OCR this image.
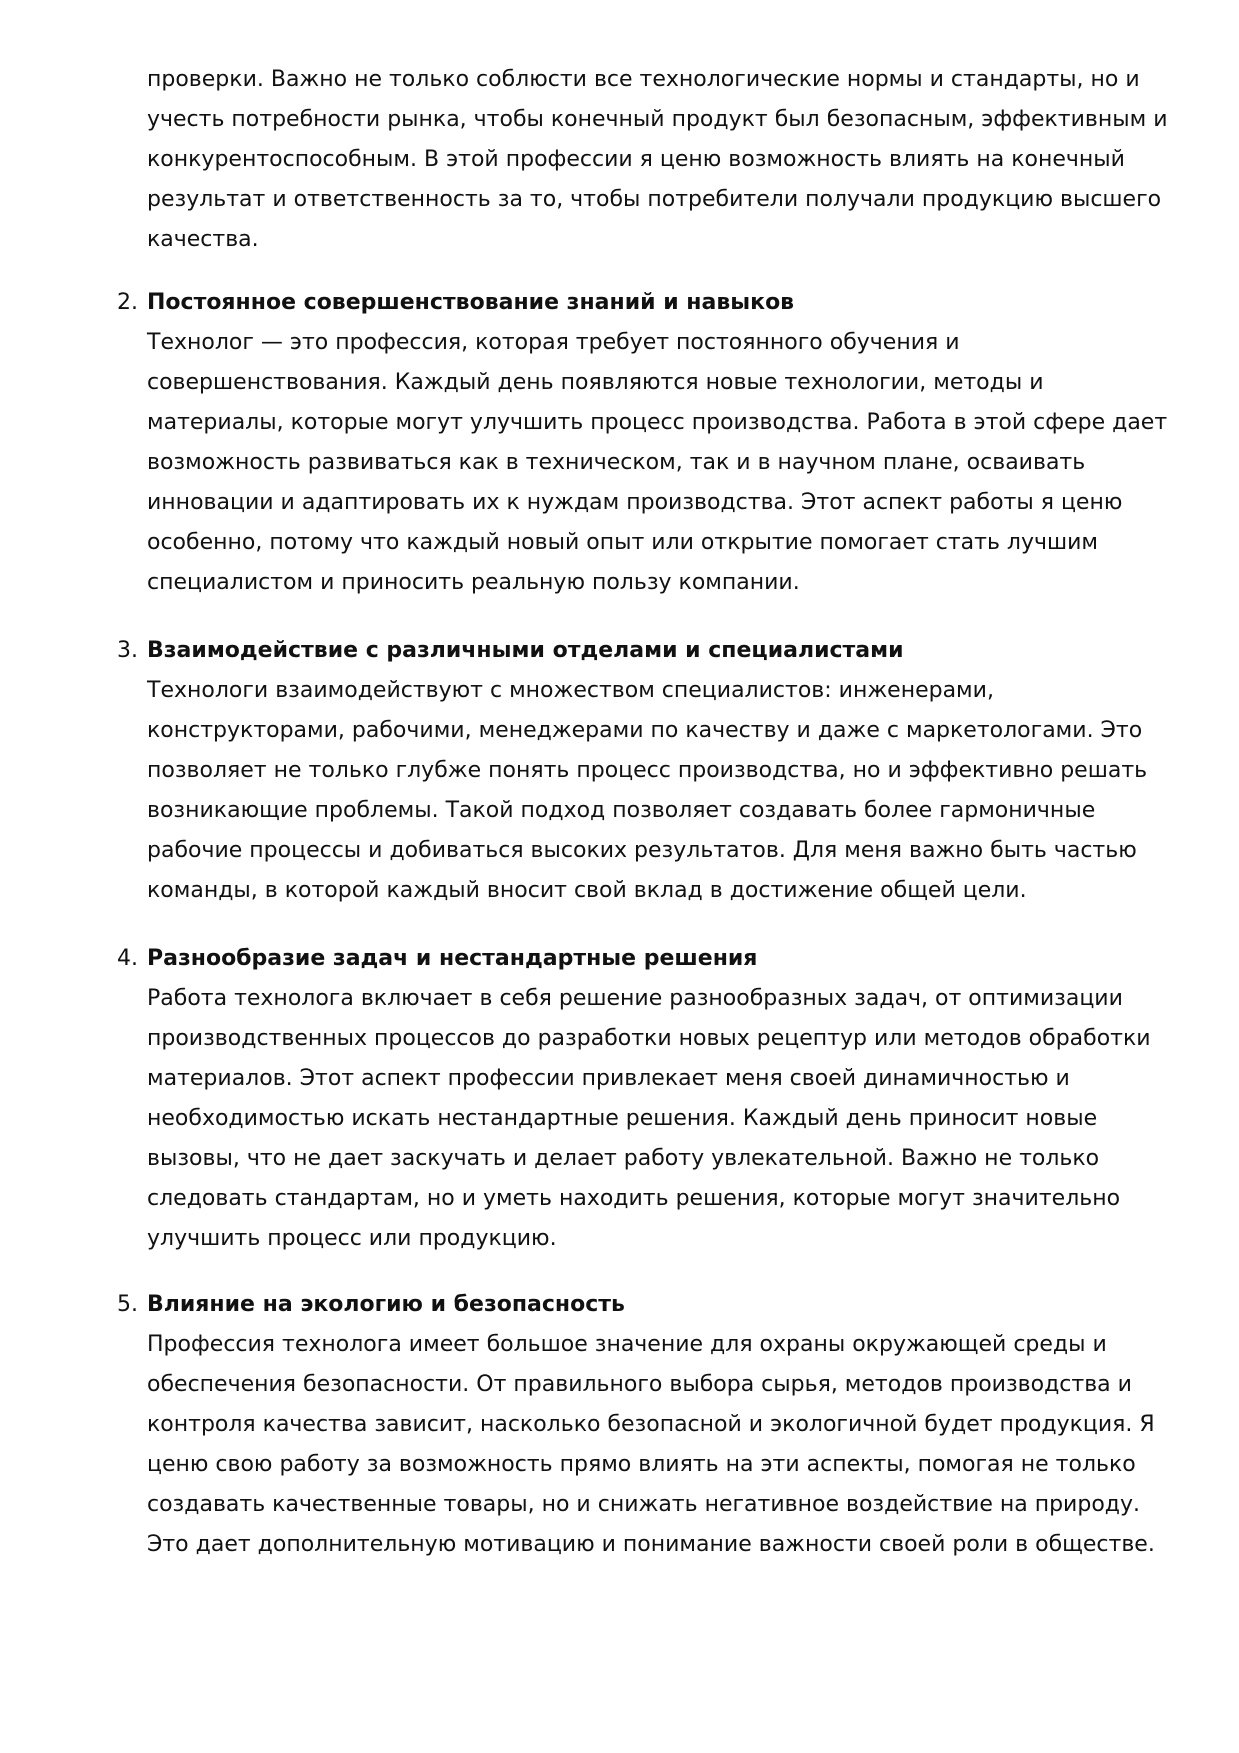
проверки. Важно не только соблюсти все технологические нормы и стандарты, но и
учесть потребности рынка, чтобы конечный продукт был безопасным, эффективным и
конкурентоспособным. В этой профессии я ценю возможность влиять на конечный
результат и ответственность за то, чтобы потребители получали продукцию высшего
качества.

2. Постоянное совершенствование знаний и навыков

Технолог — это профессия, которая требует постоянного обучения и
совершенствования. Каждый день появляются новые технологии, методы и
материалы, которые могут улучшить процесс производства. Работа в этой сфере дает
возможность развиваться как в техническом, так и в научном плане, осваивать
инновации и адаптировать их к нуждам производства. Этот аспект работы я ценю
особенно, потому что каждый новый опыт или открытие помогает стать лучшим
специалистом и приносить реальную пользу компании.

3. Взаимодействие с различными отделами и специалистами

Технологи взаимодействуют с множеством специалистов: инженерами,
конструкторами, рабочими, менеджерами по качеству и даже с маркетологами. Это
позволяет не только глубже понять процесс производства, но и эффективно решать
возникающие проблемы. Такой подход позволяет создавать более гармоничные
рабочие процессы и добиваться высоких результатов. Для меня важно быть частью
команды, в которой каждый вносит свой вклад в достижение общей цели.

4. Разнообразие задач и нестандартные решения

Работа технолога включает в себя решение разнообразных задач, от оптимизации
производственных процессов до разработки новых рецептур или методов обработки
материалов. Этот аспект профессии привлекает меня своей динамичностью и
необходимостью искать нестандартные решения. Каждый день приносит новые
вызовы, что не дает заскучать и делает работу увлекательной. Важно не только
следовать стандартам, но и уметь находить решения, которые могут значительно
улучшить процесс или продукцию.

5. Влияние на экологию и безопасность

Профессия технолога имеет большое значение для охраны окружающей среды и
обеспечения безопасности. От правильного выбора сырья, методов производства и
контроля качества зависит, насколько безопасной и экологичной будет продукция. Я
ценю свою работу за возможность прямо влиять на эти аспекты, помогая не только
создавать качественные товары, но и снижать негативное воздействие на природу.
Это дает дополнительную мотивацию и понимание важности своей роли в обществе.
